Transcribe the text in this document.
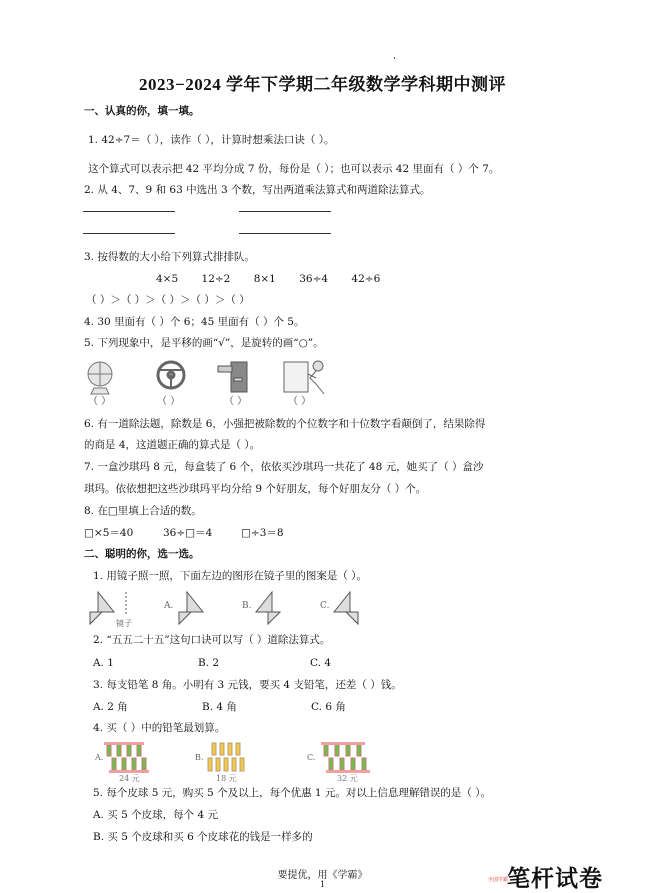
2023−2024 学年下学期二年级数学学科期中测评
一、认真的你，填一填。
1. 42÷7＝（ ），读作（ ），计算时想乘法口诀（ ）。
这个算式可以表示把 42 平均分成 7 份，每份是（ ）；也可以表示 42 里面有（ ）个 7。
2. 从 4、7、9 和 63 中选出 3 个数，写出两道乘法算式和两道除法算式。
3. 按得数的大小给下列算式排排队。
4×5 12÷2 8×1 36÷4 42÷6
（ ）＞（ ）＞（ ）＞（ ）＞（ ）
4. 30 里面有（ ）个 6；45 里面有（ ）个 5。
5. 下列现象中，是平移的画“√”，是旋转的画“○”。
（ ）	（ ）	（ ）	（ ）
6. 有一道除法题，除数是 6，小强把被除数的个位数字和十位数字看颠倒了，结果除得
的商是 4，这道题正确的算式是（ ）。
7. 一盒沙琪玛 8 元，每盒装了 6 个，依依买沙琪玛一共花了 48 元，她买了（ ）盒沙
琪玛。依依想把这些沙琪玛平均分给 9 个好朋友，每个好朋友分（ ）个。
8. 在□里填上合适的数。
□×5＝40	36÷□＝4	□÷3＝8
二、聪明的你，选一选。
1. 用镜子照一照，下面左边的图形在镜子里的图案是（ ）。
镜子
A.	B.	C.
2. “五五二十五”这句口诀可以写（ ）道除法算式。
A. 1	B. 2	C. 4
3. 每支铅笔 8 角。小明有 3 元钱，要买 4 支铅笔，还差（ ）钱。
A. 2 角	B. 4 角	C. 6 角
4. 买（ ）中的铅笔最划算。
A.	B.	C.
24 元	18 元	32 元
5. 每个皮球 5 元，购买 5 个及以上，每个优惠 1 元。对以上信息理解错误的是（ ）。
A. 买 5 个皮球，每个 4 元
B. 买 5 个皮球和买 6 个皮球花的钱是一样多的
要提优，用《学霸》
1	全国学霸
笔杆试卷
